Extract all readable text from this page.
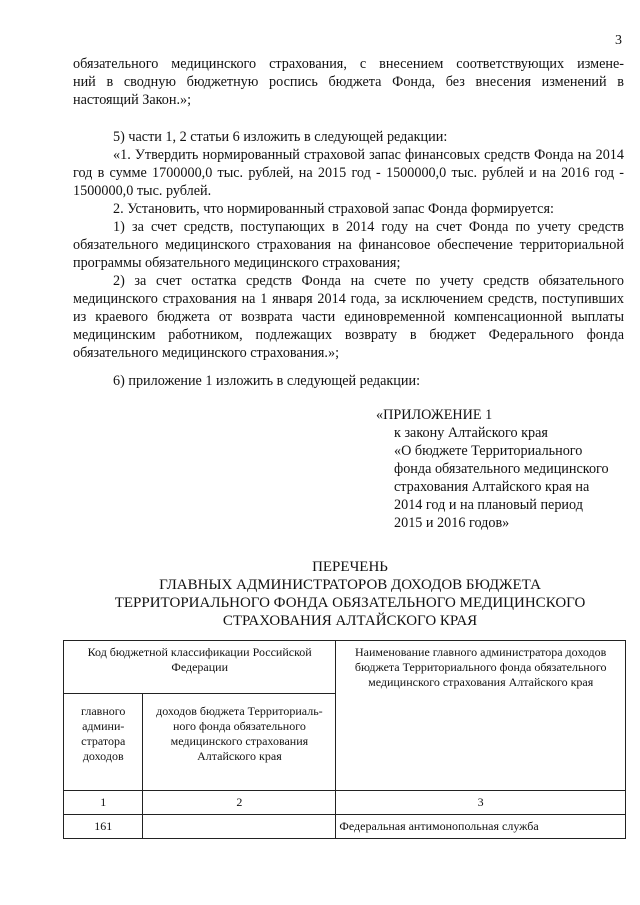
3

обязательного медицинского страхования, с внесением соответствующих измене-

ний в сводную бюджетную роспись бюджета Фонда, без внесения изменений в

настоящий Закон.»;

5) части 1, 2 статьи 6 изложить в следующей редакции:

«1. Утвердить нормированный страховой запас финансовых средств Фонда на 2014 год в сумме 1700000,0 тыс. рублей, на 2015 год - 1500000,0 тыс. рублей и на 2016 год - 1500000,0 тыс. рублей.

2. Установить, что нормированный страховой запас Фонда формируется:

1) за счет средств, поступающих в 2014 году на счет Фонда по учету средств обязательного медицинского страхования на финансовое обеспечение территориальной программы обязательного медицинского страхования;

2) за счет остатка средств Фонда на счете по учету средств обязательного медицинского страхования на 1 января 2014 года, за исключением средств, поступивших из краевого бюджета от возврата части единовременной компенсационной выплаты медицинским работником, подлежащих возврату в бюджет Федерального фонда обязательного медицинского страхования.»;

6) приложение 1 изложить в следующей редакции:

«ПРИЛОЖЕНИЕ 1
к закону Алтайского края
«О бюджете Территориального
фонда обязательного медицинского
страхования Алтайского края на
2014 год и на плановый период
2015 и 2016 годов»
ПЕРЕЧЕНЬ
ГЛАВНЫХ АДМИНИСТРАТОРОВ ДОХОДОВ БЮДЖЕТА
ТЕРРИТОРИАЛЬНОГО ФОНДА ОБЯЗАТЕЛЬНОГО МЕДИЦИНСКОГО
СТРАХОВАНИЯ АЛТАЙСКОГО КРАЯ
Код бюджетной классификации Российской Федерации		Наименование главного администратора доходов бюджета Территориального фонда обязательного медицинского страхования Алтайского края
главного админи-стратора доходов	доходов бюджета Территориаль-ного фонда обязательного медицинского страхования Алтайского края	
1	2	3
161		Федеральная антимонопольная служба
